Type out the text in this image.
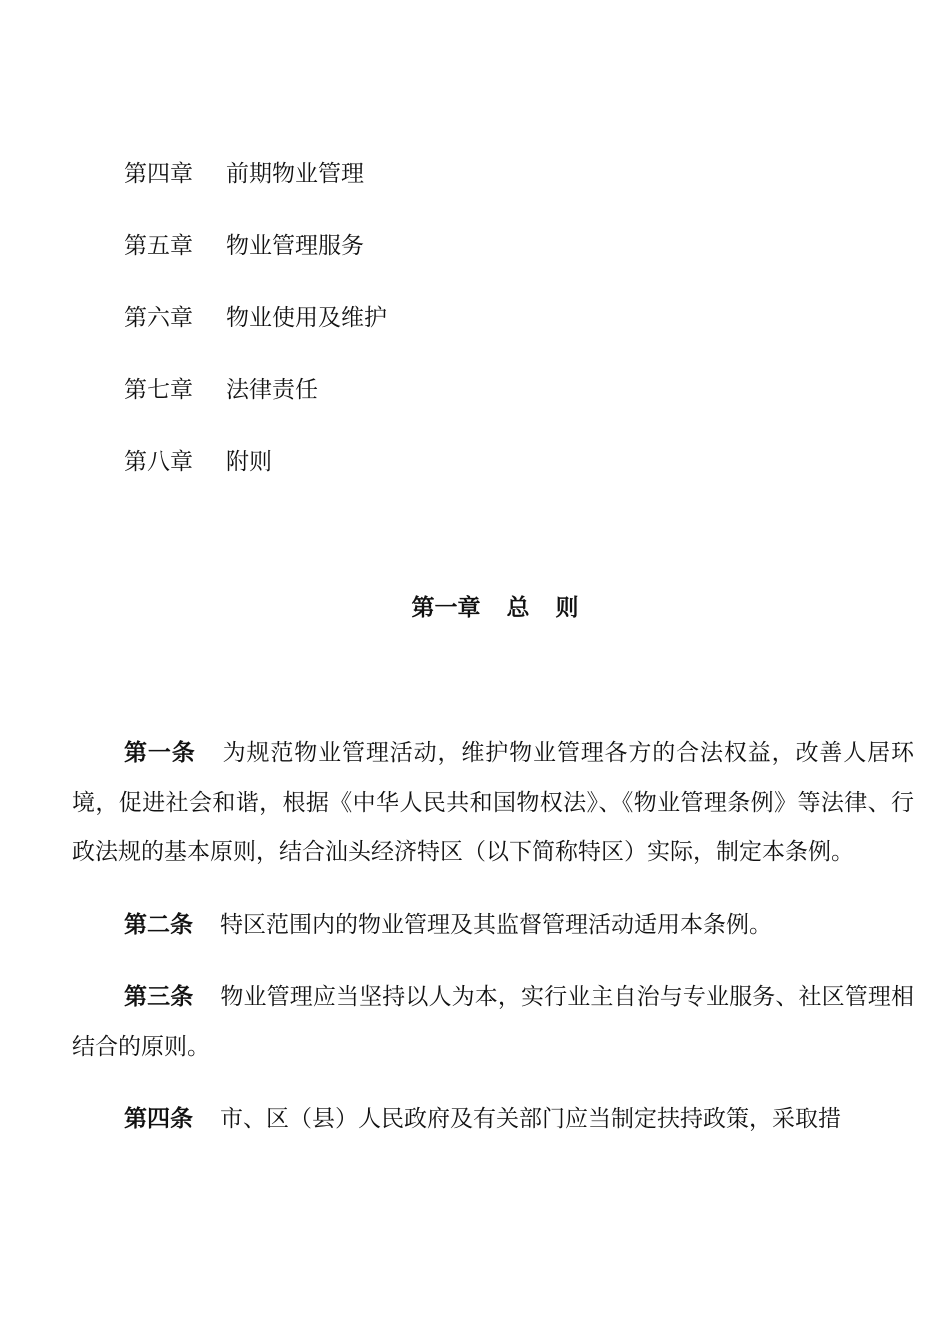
第四章 前期物业管理
第五章 物业管理服务
第六章 物业使用及维护
第七章 法律责任
第八章 附则
第一章 总 则

第一条 为规范物业管理活动，维护物业管理各方的合法权益，改善人居环境，促进社会和谐，根据《中华人民共和国物权法》、《物业管理条例》等法律、行政法规的基本原则，结合汕头经济特区（以下简称特区）实际，制定本条例。

第二条 特区范围内的物业管理及其监督管理活动适用本条例。

第三条 物业管理应当坚持以人为本，实行业主自治与专业服务、社区管理相结合的原则。

第四条 市、区（县）人民政府及有关部门应当制定扶持政策，采取措
